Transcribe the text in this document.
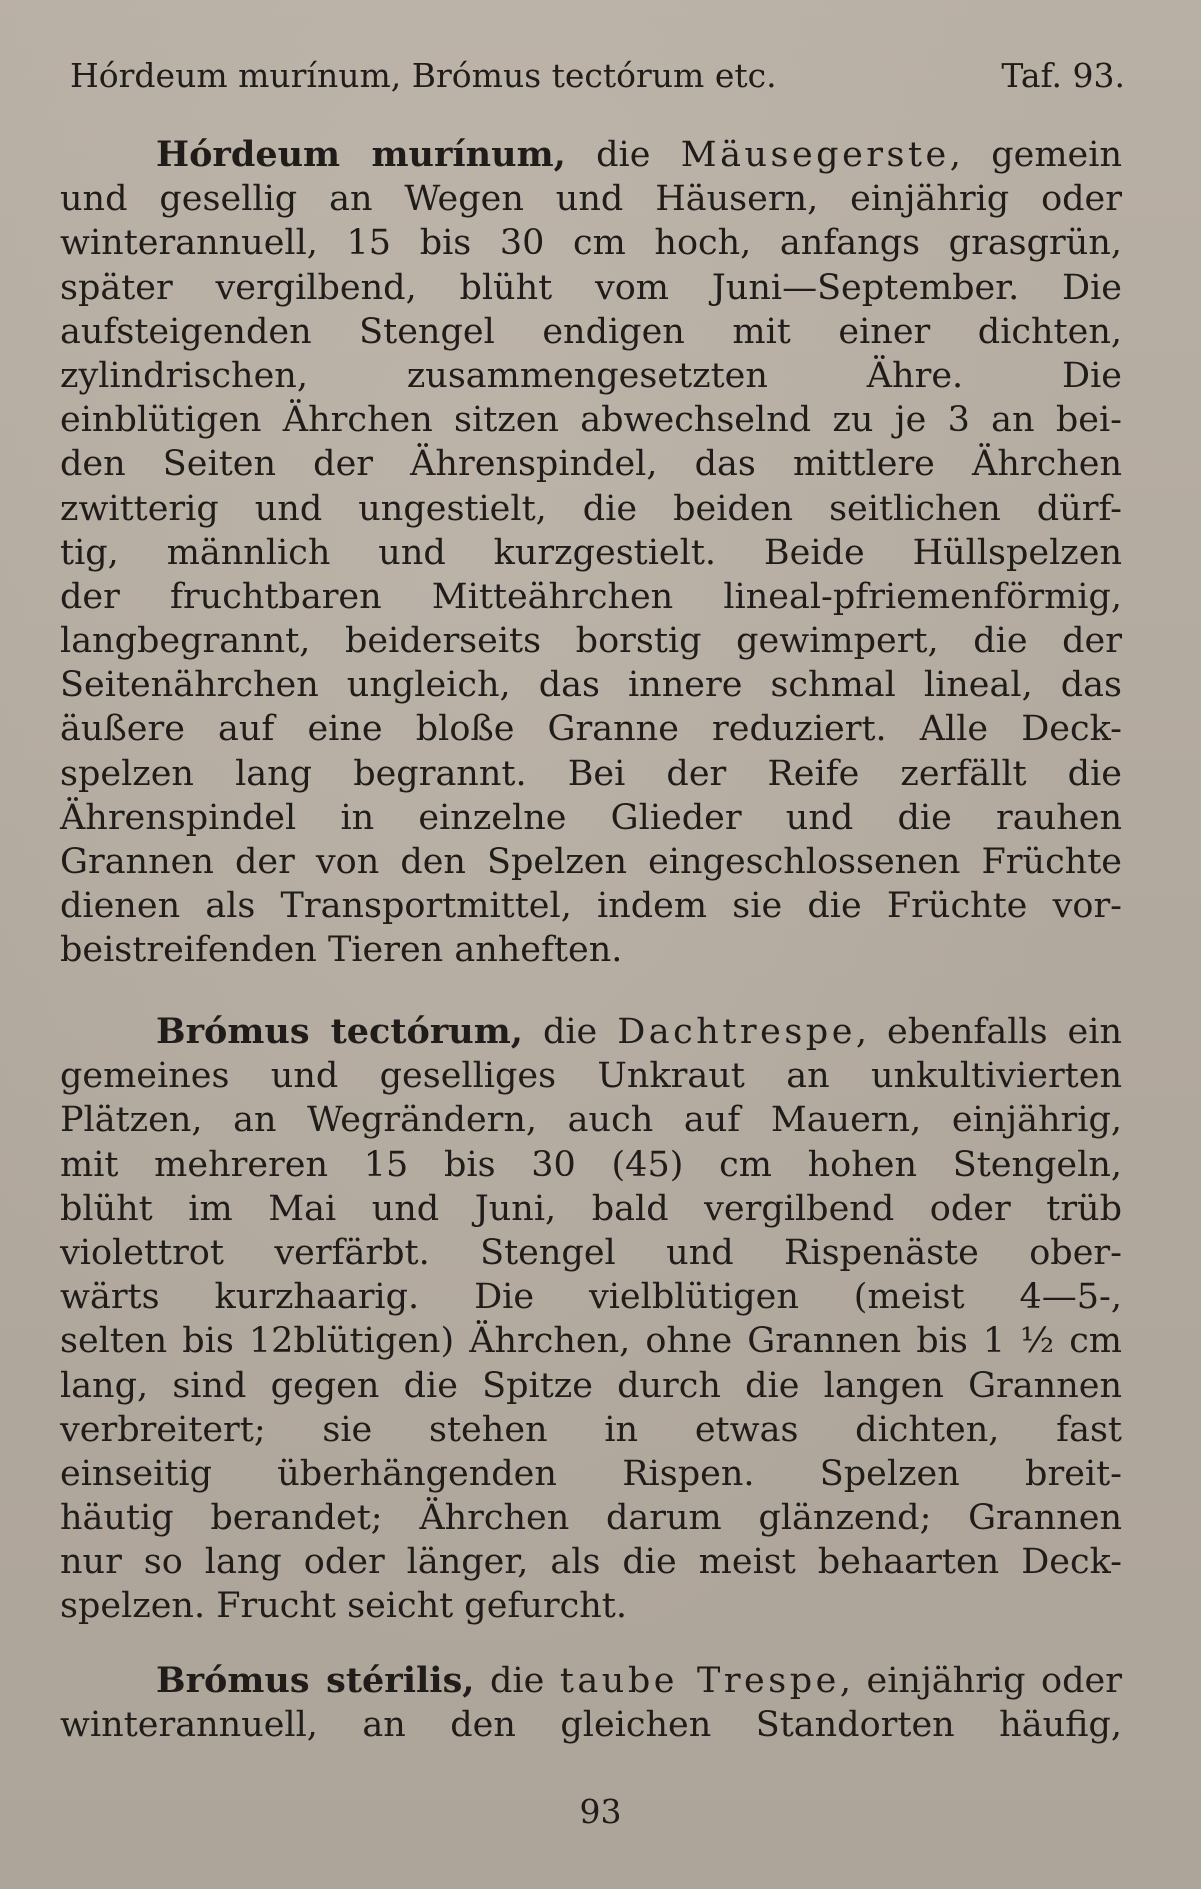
Hórdeum murínum, Brómus tectórum etc.	Taf. 93.
Hórdeum murínum, die Mäusegerste, gemein
und gesellig an Wegen und Häusern, einjährig oder
winterannuell, 15 bis 30 cm hoch, anfangs grasgrün,
später vergilbend, blüht vom Juni—September. Die
aufsteigenden Stengel endigen mit einer dichten,
zylindrischen, zusammengesetzten Ähre. Die
einblütigen Ährchen sitzen abwechselnd zu je 3 an bei-
den Seiten der Ährenspindel, das mittlere Ährchen
zwitterig und ungestielt, die beiden seitlichen dürf-
tig, männlich und kurzgestielt. Beide Hüllspelzen
der fruchtbaren Mitteährchen lineal-pfriemenförmig,
langbegrannt, beiderseits borstig gewimpert, die der
Seitenährchen ungleich, das innere schmal lineal, das
äußere auf eine bloße Granne reduziert. Alle Deck-
spelzen lang begrannt. Bei der Reife zerfällt die
Ährenspindel in einzelne Glieder und die rauhen
Grannen der von den Spelzen eingeschlossenen Früchte
dienen als Transportmittel, indem sie die Früchte vor-
beistreifenden Tieren anheften.
Brómus tectórum, die Dachtrespe, ebenfalls ein
gemeines und geselliges Unkraut an unkultivierten
Plätzen, an Wegrändern, auch auf Mauern, einjährig,
mit mehreren 15 bis 30 (45) cm hohen Stengeln,
blüht im Mai und Juni, bald vergilbend oder trüb
violettrot verfärbt. Stengel und Rispenäste ober-
wärts kurzhaarig. Die vielblütigen (meist 4—5-,
selten bis 12blütigen) Ährchen, ohne Grannen bis 1 ½ cm
lang, sind gegen die Spitze durch die langen Grannen
verbreitert; sie stehen in etwas dichten, fast
einseitig überhängenden Rispen. Spelzen breit-
häutig berandet; Ährchen darum glänzend; Grannen
nur so lang oder länger, als die meist behaarten Deck-
spelzen. Frucht seicht gefurcht.
Brómus stérilis, die taube Trespe, einjährig oder
winterannuell, an den gleichen Standorten häufig,
93
